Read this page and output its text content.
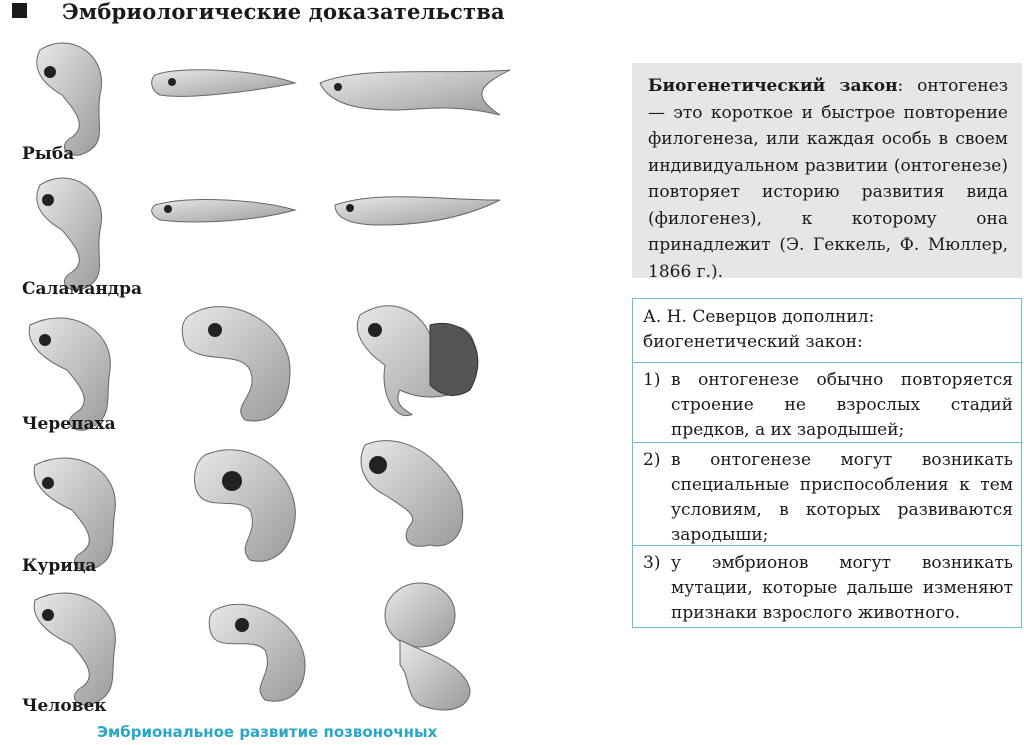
Эмбриологические доказательства
Рыба
Саламандра
Черепаха
Курица
Человек
Эмбриональное развитие позвоночных
Биогенетический закон: онтогенез — это короткое и быстрое повторение филогенеза, или каждая особь в своем индивидуальном развитии (онтогенезе) повторяет историю развития вида (филогенез), к которому она принадлежит (Э. Геккель, Ф. Мюллер, 1866 г.).
А. Н. Северцов дополнил: биогенетический закон:
1) в онтогенезе обычно повторяется строение не взрослых стадий предков, а их зародышей;
2) в онтогенезе могут возникать специальные приспособления к тем условиям, в которых развиваются зародыши;
3) у эмбрионов могут возникать мутации, которые дальше изменяют признаки взрослого животного.
